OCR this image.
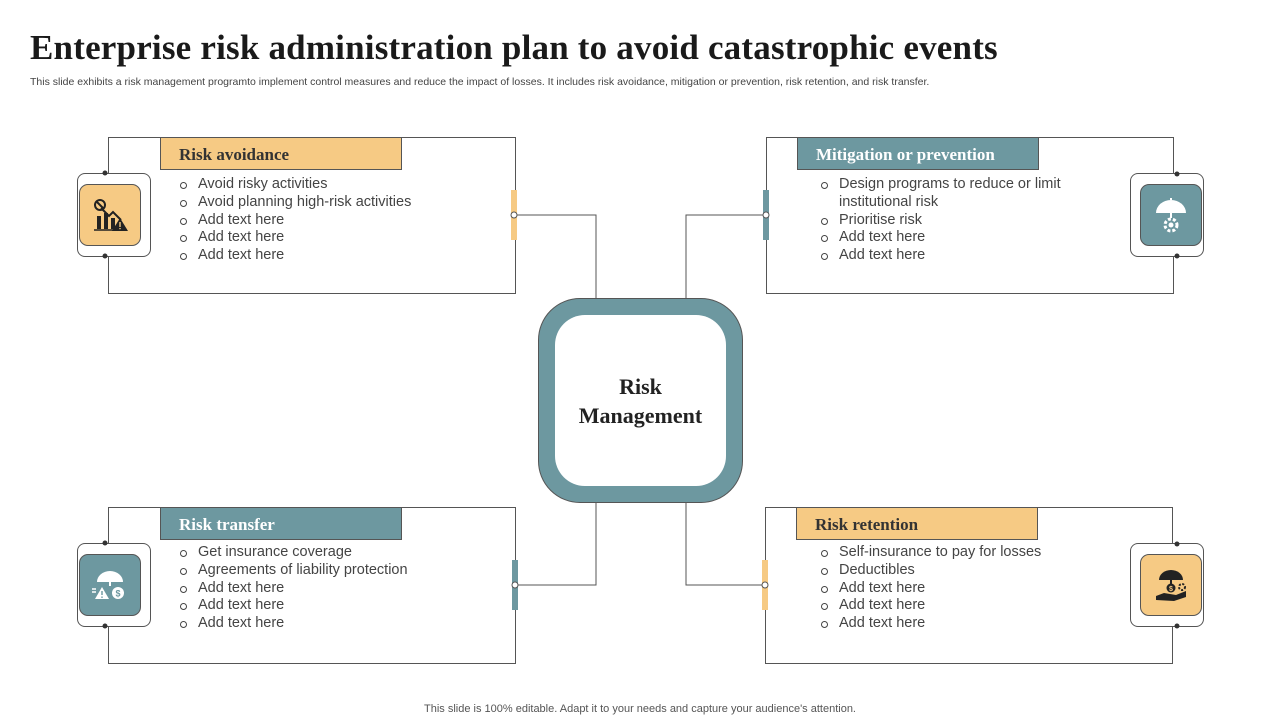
Enterprise risk administration plan to avoid catastrophic events
This slide exhibits a risk management programto implement control measures and reduce the impact of losses. It includes risk avoidance, mitigation or prevention, risk retention, and risk transfer.
Risk avoidance
Avoid risky activities
Avoid planning high-risk activities
Add text here
Add text here
Add text here
Mitigation or prevention
Design programs to reduce or limit institutional risk
Prioritise risk
Add text here
Add text here
Risk
Management
Risk transfer
Get insurance coverage
Agreements of liability protection
Add text here
Add text here
Add text here
$
Risk retention
Self-insurance to pay for losses
Deductibles
Add text here
Add text here
Add text here
$
This slide is 100% editable. Adapt it to your needs and capture your audience's attention.
